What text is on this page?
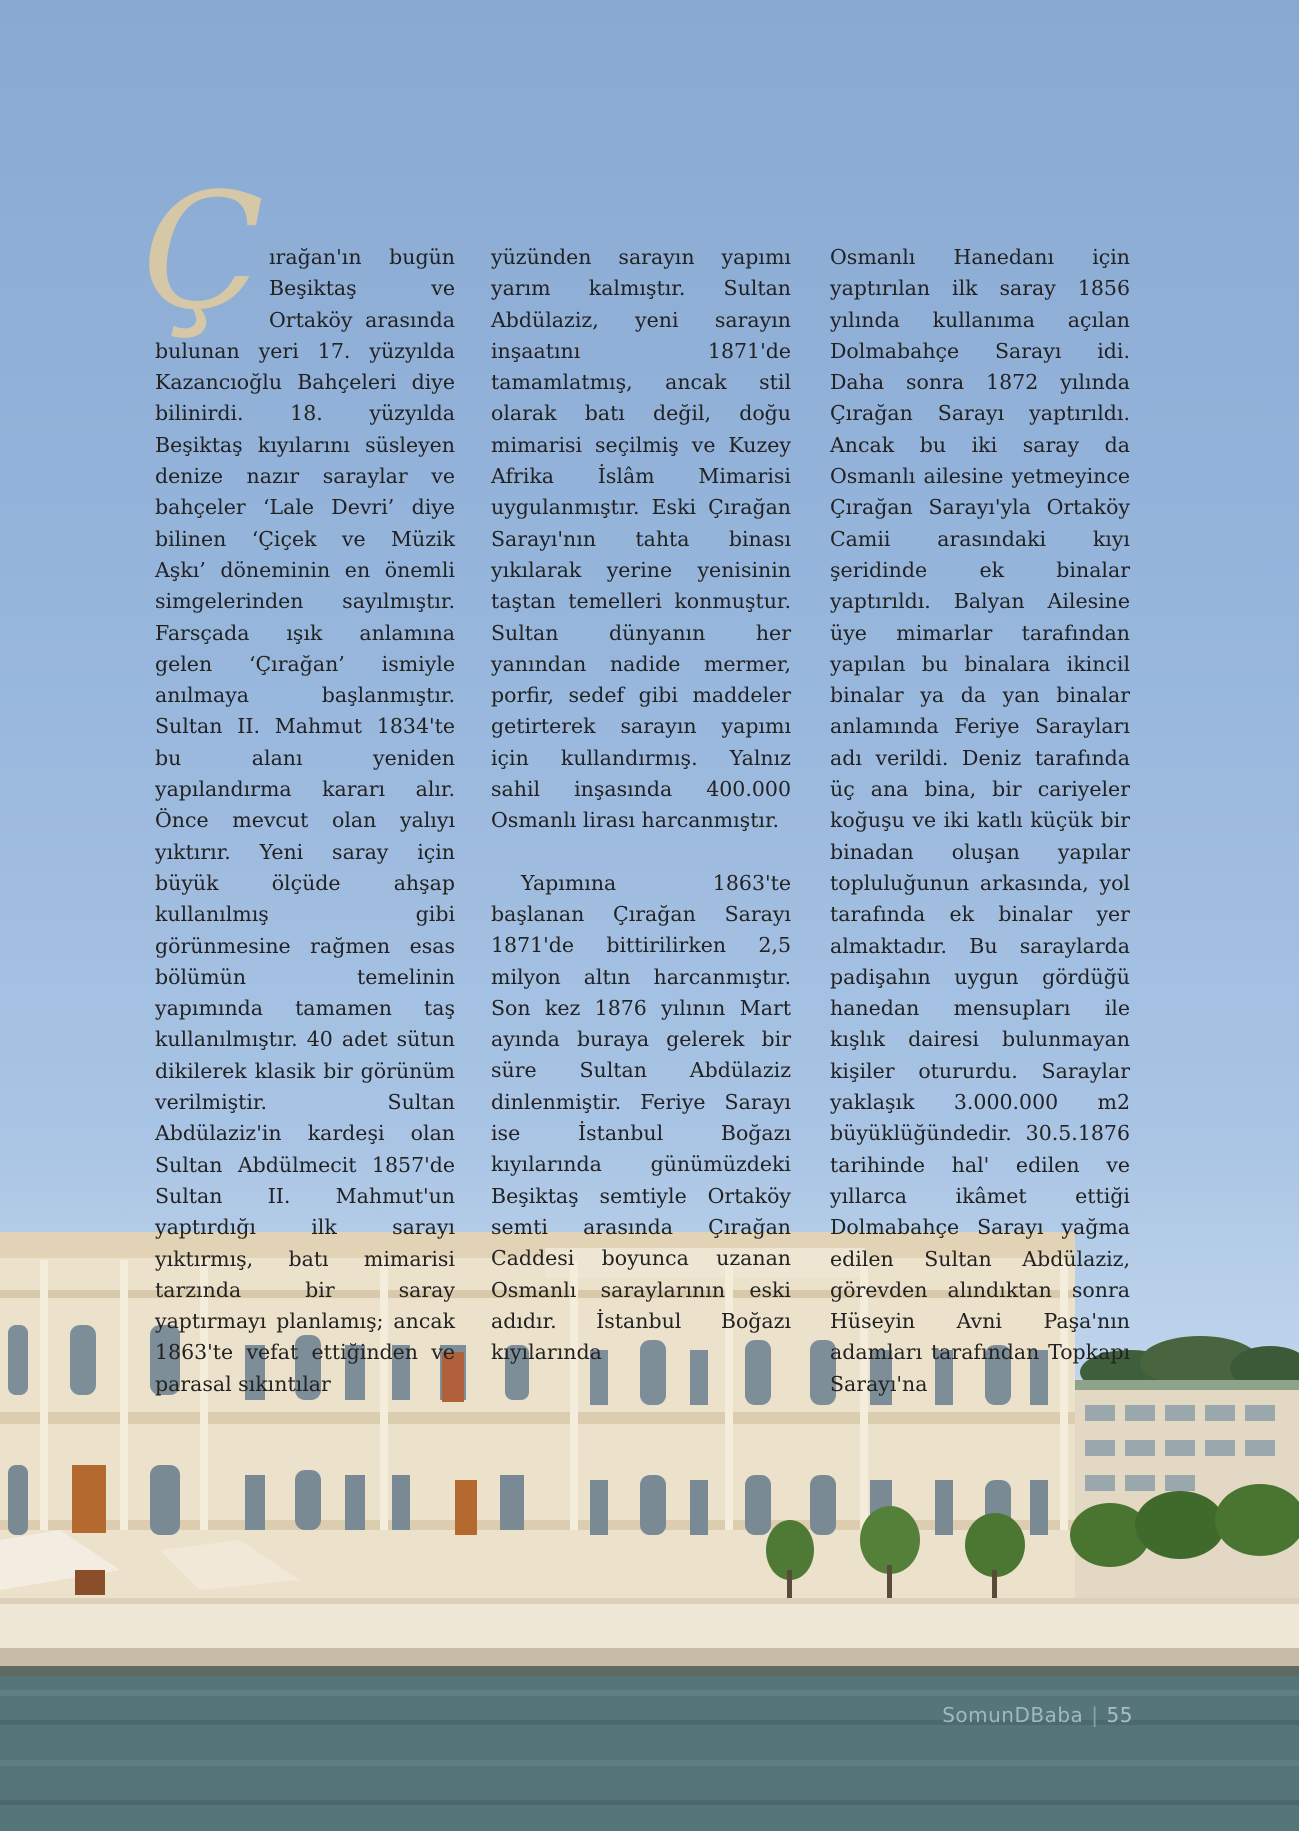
Ç ırağan'ın bugün Beşiktaş ve Ortaköy arasında bulunan yeri 17. yüzyılda Kazancıoğlu Bahçeleri diye bilinirdi. 18. yüzyılda Beşiktaş kıyılarını süsleyen denize nazır saraylar ve bahçeler ‘Lale Devri’ diye bilinen ‘Çiçek ve Müzik Aşkı’ döneminin en önemli simgelerinden sayılmıştır. Farsçada ışık anlamına gelen ‘Çırağan’ ismiyle anılmaya başlanmıştır. Sultan II. Mahmut 1834'te bu alanı yeniden yapılandırma kararı alır. Önce mevcut olan yalıyı yıktırır. Yeni saray için büyük ölçüde ahşap kullanılmış gibi görünmesine rağmen esas bölümün temelinin yapımında tamamen taş kullanılmıştır. 40 adet sütun dikilerek klasik bir görünüm verilmiştir. Sultan Abdülaziz'in kardeşi olan Sultan Abdülmecit 1857'de Sultan II. Mahmut'un yaptırdığı ilk sarayı yıktırmış, batı mimarisi tarzında bir saray yaptırmayı planlamış; ancak 1863'te vefat ettiğinden ve parasal sıkıntılar

yüzünden sarayın yapımı yarım kalmıştır. Sultan Abdülaziz, yeni sarayın inşaatını 1871'de tamamlatmış, ancak stil olarak batı değil, doğu mimarisi seçilmiş ve Kuzey Afrika İslâm Mimarisi uygulanmıştır. Eski Çırağan Sarayı'nın tahta binası yıkılarak yerine yenisinin taştan temelleri konmuştur. Sultan dünyanın her yanından nadide mermer, porfir, sedef gibi maddeler getirterek sarayın yapımı için kullandırmış. Yalnız sahil inşasında 400.000 Osmanlı lirası harcanmıştır.

Yapımına 1863'te başlanan Çırağan Sarayı 1871'de bittirilirken 2,5 milyon altın harcanmıştır. Son kez 1876 yılının Mart ayında buraya gelerek bir süre Sultan Abdülaziz dinlenmiştir. Feriye Sarayı ise İstanbul Boğazı kıyılarında günümüzdeki Beşiktaş semtiyle Ortaköy semti arasında Çırağan Caddesi boyunca uzanan Osmanlı saraylarının eski adıdır. İstanbul Boğazı kıyılarında

Osmanlı Hanedanı için yaptırılan ilk saray 1856 yılında kullanıma açılan Dolmabahçe Sarayı idi. Daha sonra 1872 yılında Çırağan Sarayı yaptırıldı. Ancak bu iki saray da Osmanlı ailesine yetmeyince Çırağan Sarayı'yla Ortaköy Camii arasındaki kıyı şeridinde ek binalar yaptırıldı. Balyan Ailesine üye mimarlar tarafından yapılan bu binalara ikincil binalar ya da yan binalar anlamında Feriye Sarayları adı verildi. Deniz tarafında üç ana bina, bir cariyeler koğuşu ve iki katlı küçük bir binadan oluşan yapılar topluluğunun arkasında, yol tarafında ek binalar yer almaktadır. Bu saraylarda padişahın uygun gördüğü hanedan mensupları ile kışlık dairesi bulunmayan kişiler otururdu. Saraylar yaklaşık 3.000.000 m2 büyüklüğündedir. 30.5.1876 tarihinde hal' edilen ve yıllarca ikâmet ettiği Dolmabahçe Sarayı yağma edilen Sultan Abdülaziz, görevden alındıktan sonra Hüseyin Avni Paşa'nın adamları tarafından Topkapı Sarayı'na

SomunDBaba | 55
